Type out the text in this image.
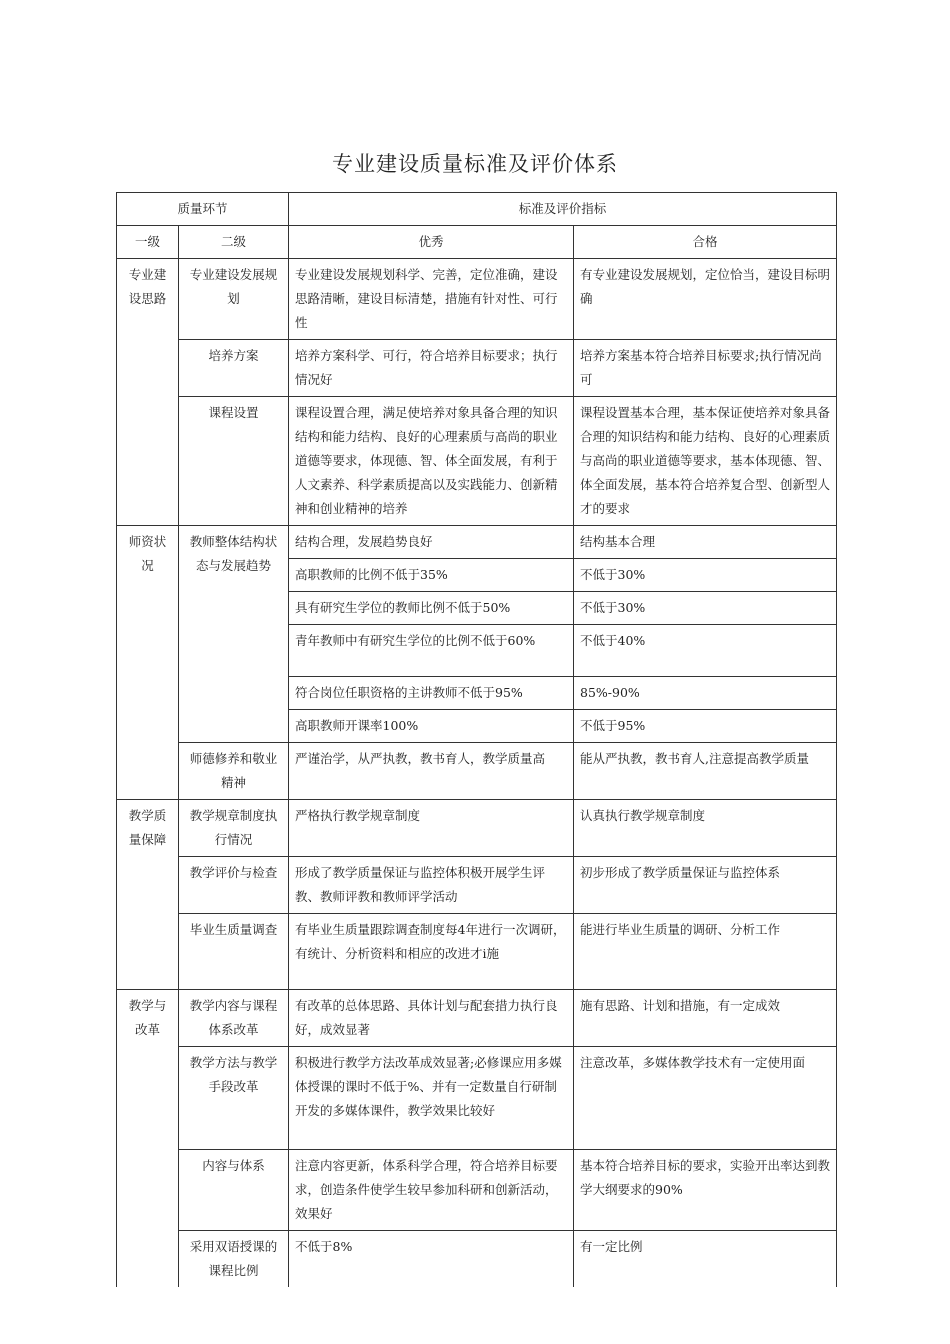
专业建设质量标准及评价体系
质量环节		标准及评价指标	
一级	二级	优秀	合格
专业建设思路	专业建设发展规划	专业建设发展规划科学、完善，定位准确，建设思路清晰，建设目标清楚，措施有针对性、可行性	有专业建设发展规划，定位恰当，建设目标明确
	培养方案	培养方案科学、可行，符合培养目标要求；执行情况好	培养方案基本符合培养目标要求;执行情况尚可
	课程设置	课程设置合理，满足使培养对象具备合理的知识结构和能力结构、良好的心理素质与高尚的职业道德等要求，体现德、智、体全面发展，有利于人文素养、科学素质提高以及实践能力、创新精神和创业精神的培养	课程设置基本合理，基本保证使培养对象具备合理的知识结构和能力结构、良好的心理素质与高尚的职业道德等要求，基本体现德、智、体全面发展，基本符合培养复合型、创新型人才的要求
师资状况	教师整体结构状态与发展趋势	结构合理，发展趋势良好	结构基本合理
		高职教师的比例不低于35%	不低于30%
		具有研究生学位的教师比例不低于50%	不低于30%
		青年教师中有研究生学位的比例不低于60%	不低于40%
		符合岗位任职资格的主讲教师不低于95%	85%-90%
		高职教师开课率100%	不低于95%
	师德修养和敬业精神	严谨治学，从严执教，教书育人，教学质量高	能从严执教，教书育人,注意提高教学质量
教学质量保障	教学规章制度执行情况	严格执行教学规章制度	认真执行教学规章制度
	教学评价与检查	形成了教学质量保证与监控体积极开展学生评教、教师评教和教师评学活动	初步形成了教学质量保证与监控体系
	毕业生质量调查	有毕业生质量跟踪调查制度每4年进行一次调研，有统计、分析资料和相应的改进才i施	能进行毕业生质量的调研、分析工作
教学与改革	教学内容与课程体系改革	有改革的总体思路、具体计划与配套措力执行良好，成效显著	施有思路、计划和措施，有一定成效
	教学方法与教学手段改革	积极进行教学方法改革成效显著;必修课应用多媒体授课的课时不低于%、并有一定数量自行研制开发的多媒体课件，教学效果比较好	注意改革，多媒体教学技术有一定使用面
	内容与体系	注意内容更新，体系科学合理，符合培养目标要求，创造条件使学生较早参加科研和创新活动，效果好	基本符合培养目标的要求，实验开出率达到教学大纲要求的90%
	采用双语授课的课程比例	不低于8%	有一定比例
